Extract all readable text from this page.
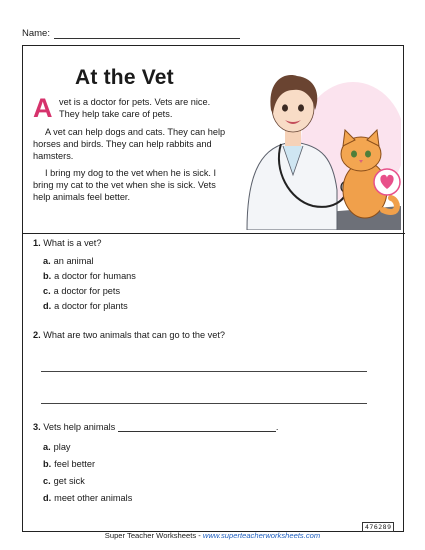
Name:
At the Vet
A vet is a doctor for pets. Vets are nice. They help take care of pets.
A vet can help dogs and cats. They can help horses and birds. They can help rabbits and hamsters.
I bring my dog to the vet when he is sick. I bring my cat to the vet when she is sick. Vets help animals feel better.
1. What is a vet?
a. an animal
b. a doctor for humans
c. a doctor for pets
d. a doctor for plants
2. What are two animals that can go to the vet?
3. Vets help animals	.
a. play
b. feel better
c. get sick
d. meet other animals
476289
Super Teacher Worksheets - www.superteacherworksheets.com
